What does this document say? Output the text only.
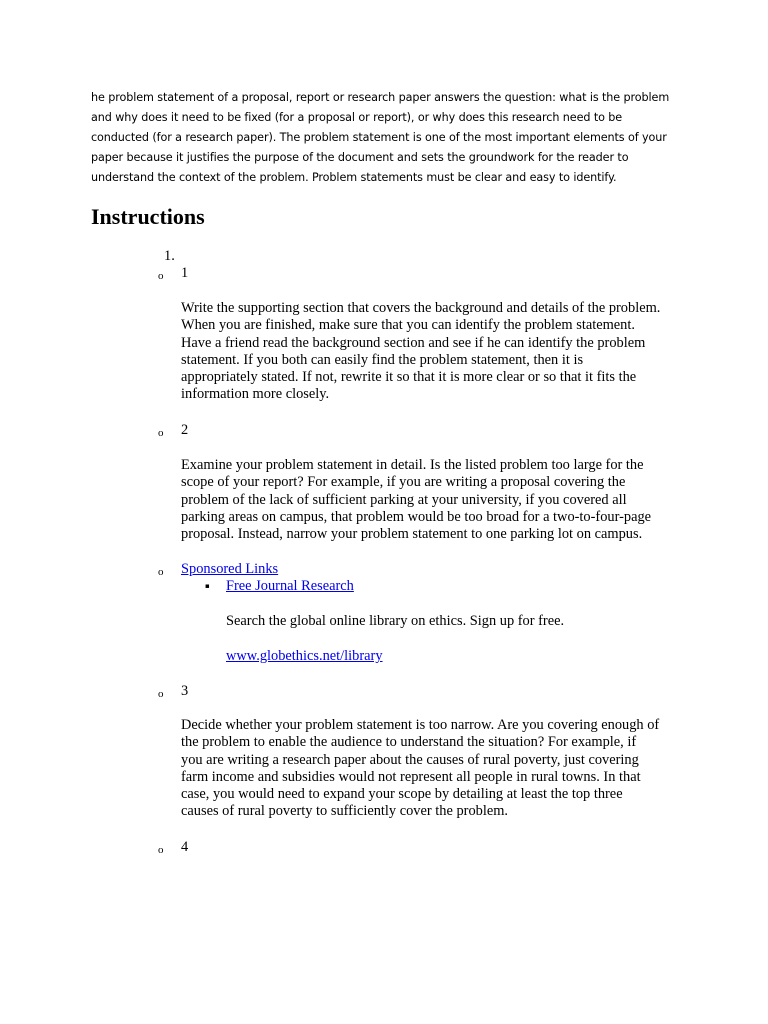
he problem statement of a proposal, report or research paper answers the question: what is the problem and why does it need to be fixed (for a proposal or report), or why does this research need to be conducted (for a research paper). The problem statement is one of the most important elements of your paper because it justifies the purpose of the document and sets the groundwork for the reader to understand the context of the problem. Problem statements must be clear and easy to identify.

Instructions
1.
o 1

Write the supporting section that covers the background and details of the problem. When you are finished, make sure that you can identify the problem statement. Have a friend read the background section and see if he can identify the problem statement. If you both can easily find the problem statement, then it is appropriately stated. If not, rewrite it so that it is more clear or so that it fits the information more closely.

o 2

Examine your problem statement in detail. Is the listed problem too large for the scope of your report? For example, if you are writing a proposal covering the problem of the lack of sufficient parking at your university, if you covered all parking areas on campus, that problem would be too broad for a two-to-four-page proposal. Instead, narrow your problem statement to one parking lot on campus.

o Sponsored Links
▪ Free Journal Research
Search the global online library on ethics. Sign up for free.
www.globethics.net/library
o 3

Decide whether your problem statement is too narrow. Are you covering enough of the problem to enable the audience to understand the situation? For example, if you are writing a research paper about the causes of rural poverty, just covering farm income and subsidies would not represent all people in rural towns. In that case, you would need to expand your scope by detailing at least the top three causes of rural poverty to sufficiently cover the problem.

o 4
